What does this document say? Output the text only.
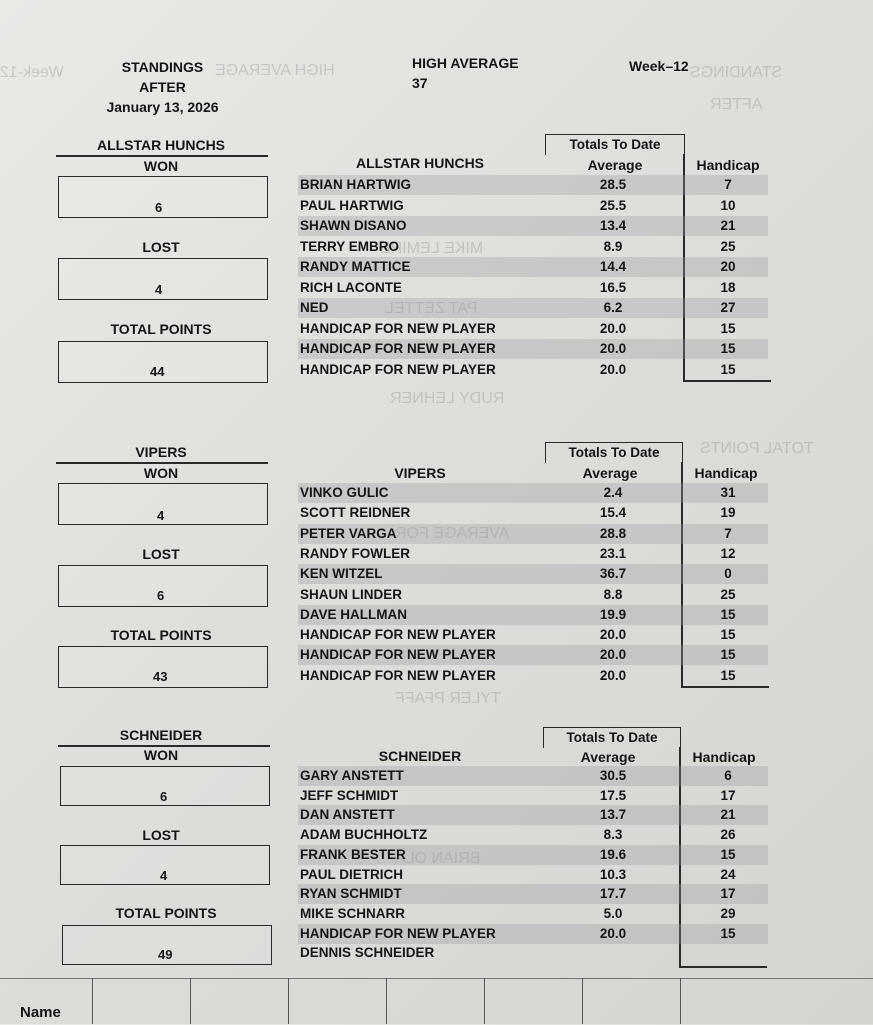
STANDINGS
HIGH AVERAGE
Week-12
AFTER
MIKE LEMIRE
PAT ZETTEL
RUDY LEHNER
TOTAL POINTS
AVERAGE FOR
TYLER PFAFF
BRIAN OLA
STANDINGS
AFTER
January 13, 2026
HIGH AVERAGE
37
Week–12
ALLSTAR HUNCHS
WON
6
LOST
4
TOTAL POINTS
44
Totals To Date
Average	Handicap
ALLSTAR HUNCHS
BRIAN HARTWIG	28.5	7
PAUL HARTWIG	25.5	10
SHAWN DISANO	13.4	21
TERRY EMBRO	8.9	25
RANDY MATTICE	14.4	20
RICH LACONTE	16.5	18
NED	6.2	27
HANDICAP FOR NEW PLAYER	20.0	15
HANDICAP FOR NEW PLAYER	20.0	15
HANDICAP FOR NEW PLAYER	20.0	15
VIPERS
WON
4
LOST
6
TOTAL POINTS
43
Totals To Date
Average	Handicap
VIPERS
VINKO GULIC	2.4	31
SCOTT REIDNER	15.4	19
PETER VARGA	28.8	7
RANDY FOWLER	23.1	12
KEN WITZEL	36.7	0
SHAUN LINDER	8.8	25
DAVE HALLMAN	19.9	15
HANDICAP FOR NEW PLAYER	20.0	15
HANDICAP FOR NEW PLAYER	20.0	15
HANDICAP FOR NEW PLAYER	20.0	15
SCHNEIDER
WON
6
LOST
4
TOTAL POINTS
49
Totals To Date
Average	Handicap
SCHNEIDER
GARY ANSTETT	30.5	6
JEFF SCHMIDT	17.5	17
DAN ANSTETT	13.7	21
ADAM BUCHHOLTZ	8.3	26
FRANK BESTER	19.6	15
PAUL DIETRICH	10.3	24
RYAN SCHMIDT	17.7	17
MIKE SCHNARR	5.0	29
HANDICAP FOR NEW PLAYER	20.0	15
DENNIS SCHNEIDER
Name
